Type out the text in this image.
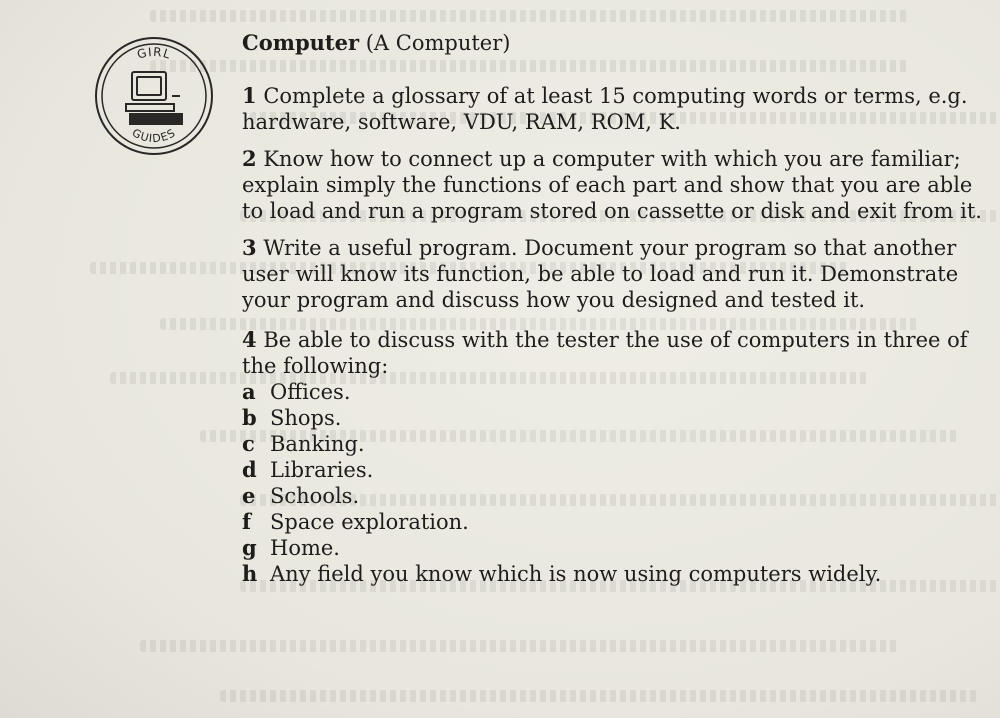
GIRL
GUIDES

Computer (A Computer)

1 Complete a glossary of at least 15 computing words or terms, e.g. hardware, software, VDU, RAM, ROM, K.

2 Know how to connect up a computer with which you are familiar; explain simply the functions of each part and show that you are able to load and run a program stored on cassette or disk and exit from it.

3 Write a useful program. Document your program so that another user will know its function, be able to load and run it. Demonstrate your program and discuss how you designed and tested it.

4 Be able to discuss with the tester the use of computers in three of the following:

a Offices.
b Shops.
c Banking.
d Libraries.
e Schools.
f Space exploration.
g Home.
h Any field you know which is now using computers widely.
